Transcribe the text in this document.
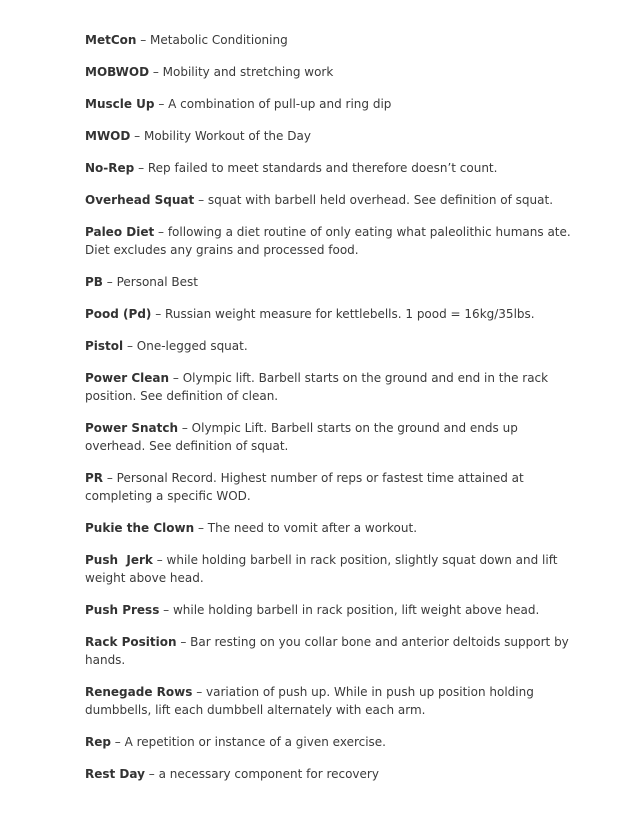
MetCon – Metabolic Conditioning
MOBWOD – Mobility and stretching work
Muscle Up – A combination of pull-up and ring dip
MWOD – Mobility Workout of the Day
No-Rep – Rep failed to meet standards and therefore doesn’t count.
Overhead Squat – squat with barbell held overhead. See definition of squat.
Paleo Diet – following a diet routine of only eating what paleolithic humans ate. Diet excludes any grains and processed food.
PB – Personal Best
Pood (Pd) – Russian weight measure for kettlebells. 1 pood = 16kg/35lbs.
Pistol – One-legged squat.
Power Clean – Olympic lift. Barbell starts on the ground and end in the rack position. See definition of clean.
Power Snatch – Olympic Lift. Barbell starts on the ground and ends up overhead. See definition of squat.
PR – Personal Record. Highest number of reps or fastest time attained at completing a specific WOD.
Pukie the Clown – The need to vomit after a workout.
Push  Jerk – while holding barbell in rack position, slightly squat down and lift weight above head.
Push Press – while holding barbell in rack position, lift weight above head.
Rack Position – Bar resting on you collar bone and anterior deltoids support by hands.
Renegade Rows – variation of push up. While in push up position holding dumbbells, lift each dumbbell alternately with each arm.
Rep – A repetition or instance of a given exercise.
Rest Day – a necessary component for recovery
